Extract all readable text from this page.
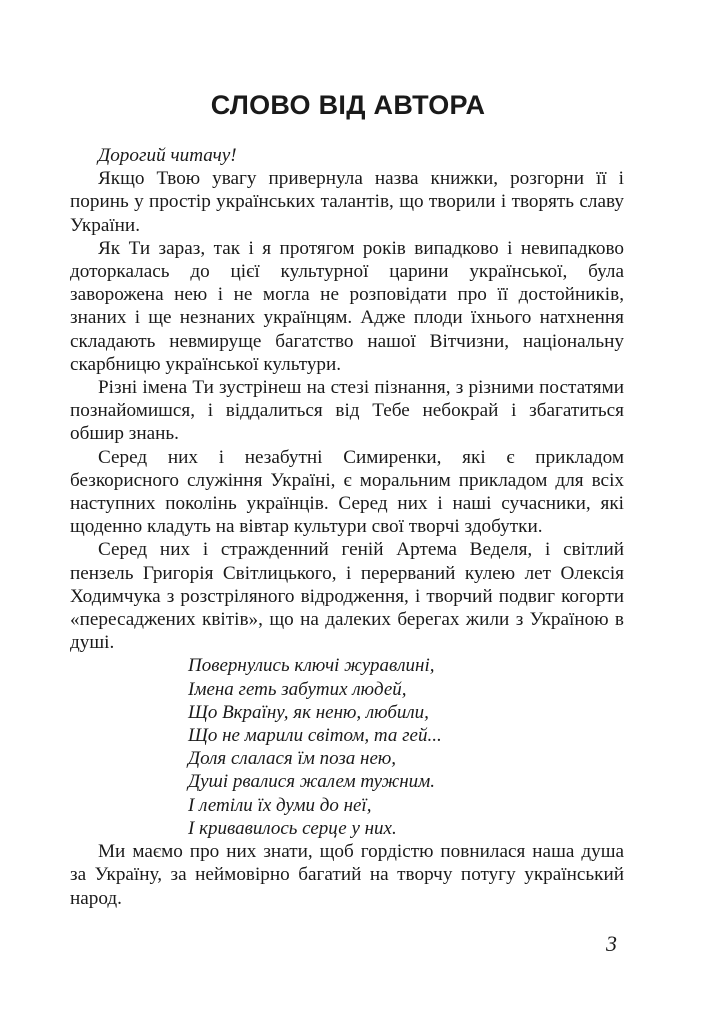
СЛОВО ВІД АВТОРА

Дорогий читачу!

Якщо Твою увагу привернула назва книжки, розгорни її і поринь у простір українських талантів, що творили і творять славу України.

Як Ти зараз, так і я протягом років випадково і невипадково доторкалась до цієї культурної царини української, була заворожена нею і не могла не розповідати про її достойників, знаних і ще незнаних українцям. Адже плоди їхнього натхнення складають невмируще багатство нашої Вітчизни, національну скарбницю української культури.

Різні імена Ти зустрінеш на стезі пізнання, з різними постатями познайомишся, і віддалиться від Тебе небокрай і збагатиться обшир знань.

Серед них і незабутні Симиренки, які є прикладом безкорисного служіння Україні, є моральним прикладом для всіх наступних поколінь українців. Серед них і наші сучасники, які щоденно кладуть на вівтар культури свої творчі здобутки.

Серед них і стражденний геній Артема Веделя, і світлий пензель Григорія Світлицького, і перерваний кулею лет Олексія Ходимчука з розстріляного відродження, і творчий подвиг когорти «пересаджених квітів», що на далеких берегах жили з Україною в душі.

Повернулись ключі журавлині,
Імена геть забутих людей,
Що Вкраїну, як неню, любили,
Що не марили світом, та гей...
Доля слалася їм поза нею,
Душі рвалися жалем тужним.
І летіли їх думи до неї,
І кривавилось серце у них.

Ми маємо про них знати, щоб гордістю повнилася наша душа за Україну, за неймовірно багатий на творчу потугу український народ.

3
